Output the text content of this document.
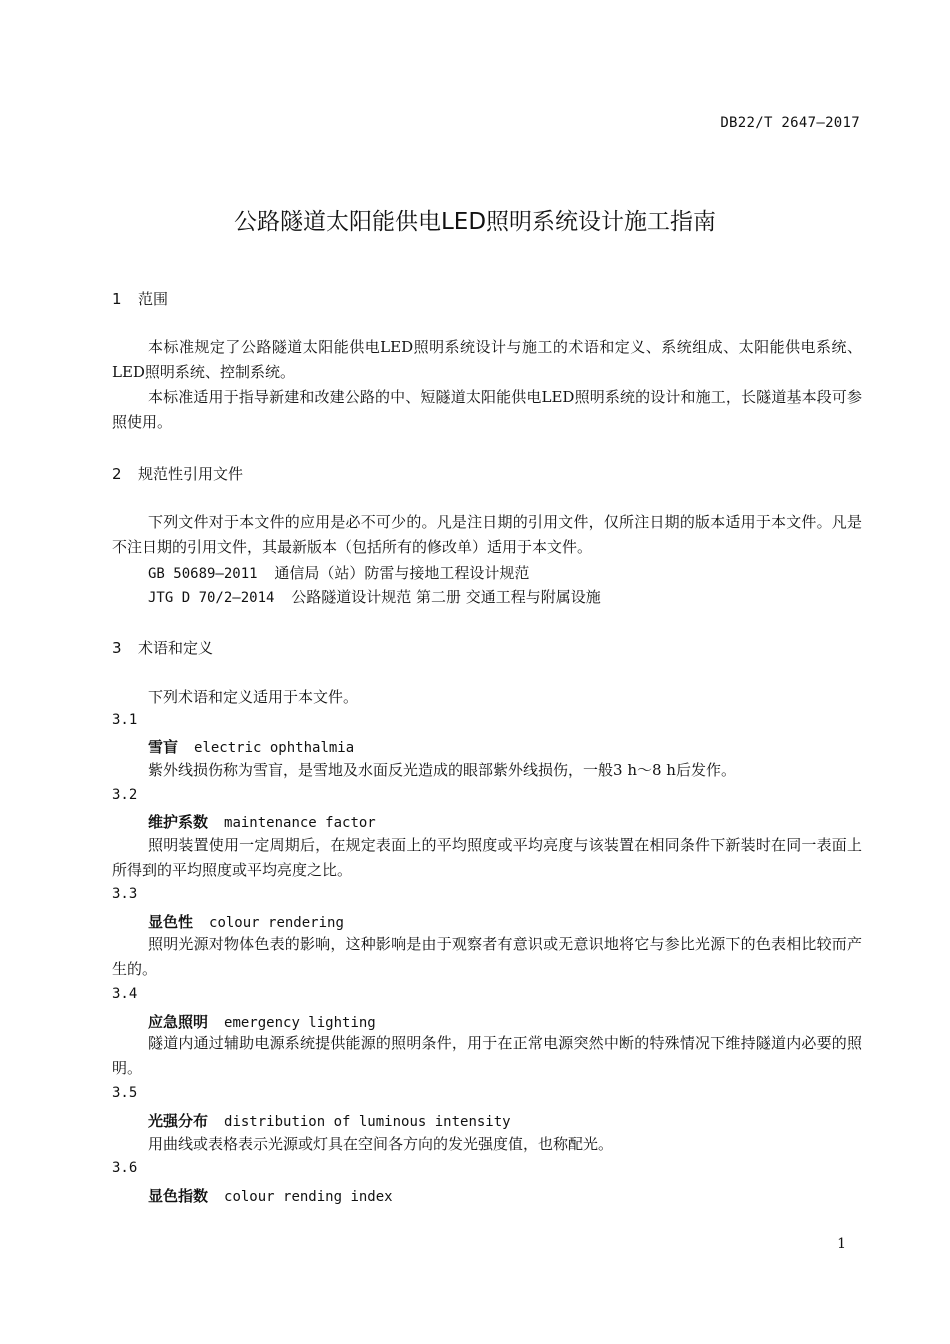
DB22/T 2647—2017
公路隧道太阳能供电LED照明系统设计施工指南
1 范围

本标准规定了公路隧道太阳能供电LED照明系统设计与施工的术语和定义、系统组成、太阳能供电系统、LED照明系统、控制系统。

本标准适用于指导新建和改建公路的中、短隧道太阳能供电LED照明系统的设计和施工，长隧道基本段可参照使用。

2 规范性引用文件

下列文件对于本文件的应用是必不可少的。凡是注日期的引用文件，仅所注日期的版本适用于本文件。凡是不注日期的引用文件，其最新版本（包括所有的修改单）适用于本文件。

GB 50689—2011 通信局（站）防雷与接地工程设计规范
JTG D 70/2—2014 公路隧道设计规范 第二册 交通工程与附属设施
3 术语和定义
下列术语和定义适用于本文件。
3.1
雪盲 electric ophthalmia

紫外线损伤称为雪盲，是雪地及水面反光造成的眼部紫外线损伤，一般3 h～8 h后发作。

3.2
维护系数 maintenance factor

照明装置使用一定周期后，在规定表面上的平均照度或平均亮度与该装置在相同条件下新装时在同一表面上所得到的平均照度或平均亮度之比。

3.3
显色性 colour rendering

照明光源对物体色表的影响，这种影响是由于观察者有意识或无意识地将它与参比光源下的色表相比较而产生的。

3.4
应急照明 emergency lighting

隧道内通过辅助电源系统提供能源的照明条件，用于在正常电源突然中断的特殊情况下维持隧道内必要的照明。

3.5
光强分布 distribution of luminous intensity

用曲线或表格表示光源或灯具在空间各方向的发光强度值，也称配光。

3.6
显色指数 colour rending index
1
